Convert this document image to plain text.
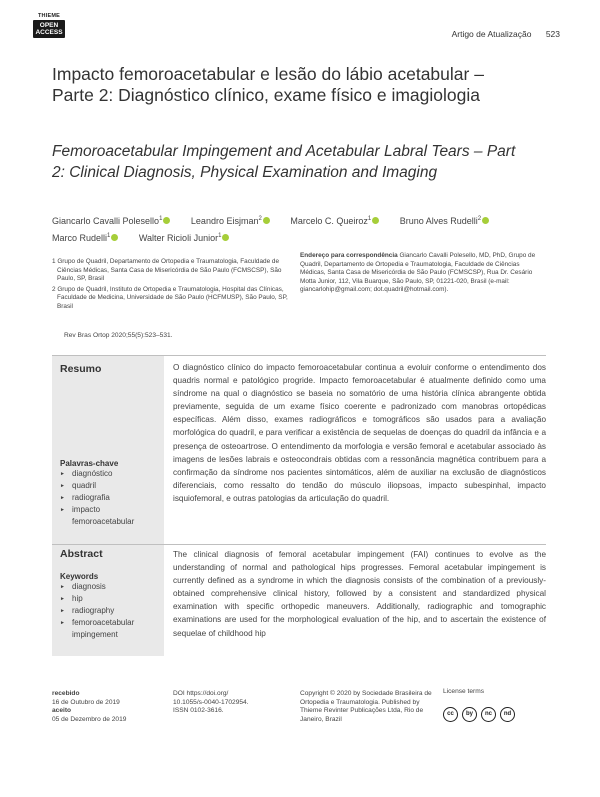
THIEME
OPEN
ACCESS	Artigo de Atualização 523
Impacto femoroacetabular e lesão do lábio acetabular – Parte 2: Diagnóstico clínico, exame físico e imagiologia
Femoroacetabular Impingement and Acetabular Labral Tears – Part 2: Clinical Diagnosis, Physical Examination and Imaging
Giancarlo Cavalli Polesello$^1$	Leandro Eisjman$^2$	Marcelo C. Queiroz$^1$	Bruno Alves Rudelli$^2$
Marco Rudelli$^1$	Walter Ricioli Junior$^1$

1 Grupo de Quadril, Departamento de Ortopedia e Traumatologia, Faculdade de Ciências Médicas, Santa Casa de Misericórdia de São Paulo (FCMSCSP), São Paulo, SP, Brasil

2 Grupo de Quadril, Instituto de Ortopedia e Traumatologia, Hospital das Clínicas, Faculdade de Medicina, Universidade de São Paulo (HCFMUSP), São Paulo, SP, Brasil

Endereço para correspondência Giancarlo Cavalli Polesello, MD, PhD, Grupo de Quadril, Departamento de Ortopedia e Traumatologia, Faculdade de Ciências Médicas, Santa Casa de Misericórdia de São Paulo (FCMSCSP), Rua Dr. Cesário Motta Junior, 112, Vila Buarque, São Paulo, SP, 01221-020, Brasil (e-mail: giancarlohip@gmail.com; dot.quadril@hotmail.com).
Rev Bras Ortop 2020;55(5):523–531.
Resumo
Palavras-chave
► diagnóstico
► quadril
► radiografia
► impacto femoroacetabular
O diagnóstico clínico do impacto femoroacetabular continua a evoluir conforme o entendimento dos quadris normal e patológico progride. Impacto femoroacetabular é atualmente definido como uma síndrome na qual o diagnóstico se baseia no somatório de uma história clínica abrangente obtida previamente, seguida de um exame físico coerente e padronizado com manobras ortopédicas específicas. Além disso, exames radiográficos e tomográficos são usados para a avaliação morfológica do quadril, e para verificar a existência de sequelas de doenças do quadril da infância e a presença de osteoartrose. O entendimento da morfologia e versão femoral e acetabular associado às imagens de lesões labrais e osteocondrais obtidas com a ressonância magnética contribuem para a confirmação da síndrome nos pacientes sintomáticos, além de auxiliar na exclusão de diagnósticos diferenciais, como ressalto do tendão do músculo iliopsoas, impacto subespinhal, impacto isquiofemoral, e outras patologias da articulação do quadril.
Abstract
Keywords
► diagnosis
► hip
► radiography
► femoroacetabular impingement
The clinical diagnosis of femoral acetabular impingement (FAI) continues to evolve as the understanding of normal and pathological hips progresses. Femoral acetabular impingement is currently defined as a syndrome in which the diagnosis consists of the combination of a previously-obtained comprehensive clinical history, followed by a consistent and standardized physical examination with specific orthopedic maneuvers. Additionally, radiographic and tomographic examinations are used for the morphological evaluation of the hip, and to ascertain the existence of sequelae of childhood hip
recebido
16 de Outubro de 2019
aceito
05 de Dezembro de 2019
DOI https://doi.org/
10.1055/s-0040-1702954.
ISSN 0102-3616.
Copyright © 2020 by Sociedade Brasileira de Ortopedia e Traumatologia. Published by Thieme Revinter Publicações Ltda, Rio de Janeiro, Brazil
License terms
cc by nc nd
